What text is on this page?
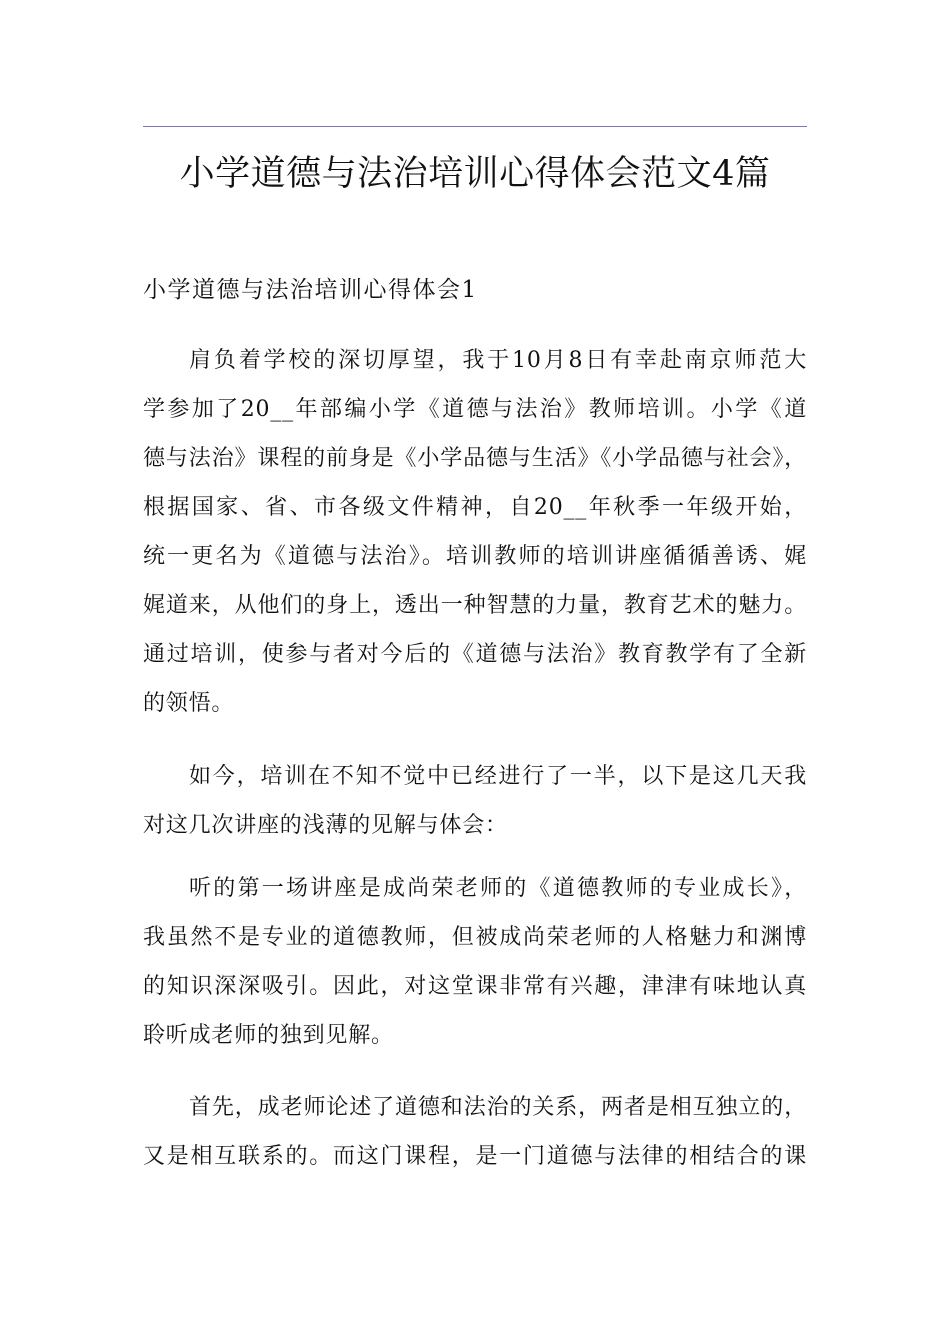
小学道德与法治培训心得体会范文4篇
小学道德与法治培训心得体会1
肩负着学校的深切厚望，我于10月8日有幸赴南京师范大
学参加了20__年部编小学《道德与法治》教师培训。小学《道
德与法治》课程的前身是《小学品德与生活》《小学品德与社会》，
根据国家、省、市各级文件精神，自20__年秋季一年级开始，
统一更名为《道德与法治》。培训教师的培训讲座循循善诱、娓
娓道来，从他们的身上，透出一种智慧的力量，教育艺术的魅力。
通过培训，使参与者对今后的《道德与法治》教育教学有了全新
的领悟。
如今，培训在不知不觉中已经进行了一半，以下是这几天我
对这几次讲座的浅薄的见解与体会：
听的第一场讲座是成尚荣老师的《道德教师的专业成长》，
我虽然不是专业的道德教师，但被成尚荣老师的人格魅力和渊博
的知识深深吸引。因此，对这堂课非常有兴趣，津津有味地认真
聆听成老师的独到见解。
首先，成老师论述了道德和法治的关系，两者是相互独立的，
又是相互联系的。而这门课程，是一门道德与法律的相结合的课
